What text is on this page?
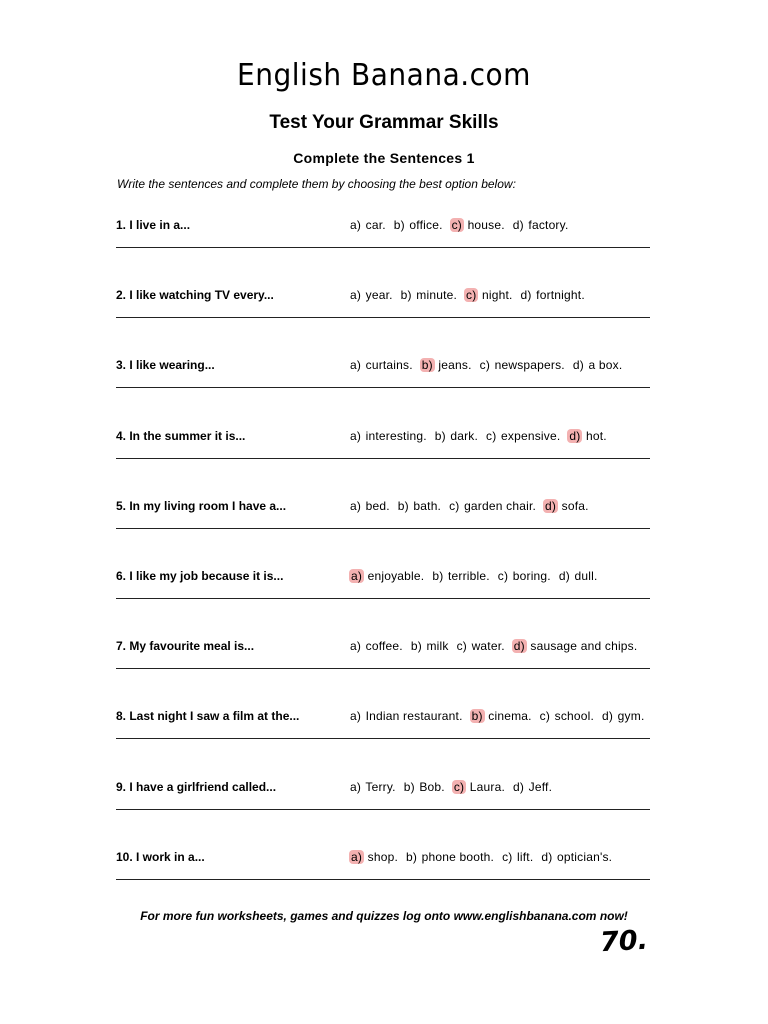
English Banana.com
Test Your Grammar Skills
Complete the Sentences 1
Write the sentences and complete them by choosing the best option below:
1. I live in a...	a) car. b) office. c) house. d) factory.
2. I like watching TV every...	a) year. b) minute. c) night. d) fortnight.
3. I like wearing...	a) curtains. b) jeans. c) newspapers. d) a box.
4. In the summer it is...	a) interesting. b) dark. c) expensive. d) hot.
5. In my living room I have a...	a) bed. b) bath. c) garden chair. d) sofa.
6. I like my job because it is...	a) enjoyable. b) terrible. c) boring. d) dull.
7. My favourite meal is...	a) coffee. b) milk c) water. d) sausage and chips.
8. Last night I saw a film at the...	a) Indian restaurant. b) cinema. c) school. d) gym.
9. I have a girlfriend called...	a) Terry. b) Bob. c) Laura. d) Jeff.
10. I work in a...	a) shop. b) phone booth. c) lift. d) optician's.
For more fun worksheets, games and quizzes log onto www.englishbanana.com now!
70.
